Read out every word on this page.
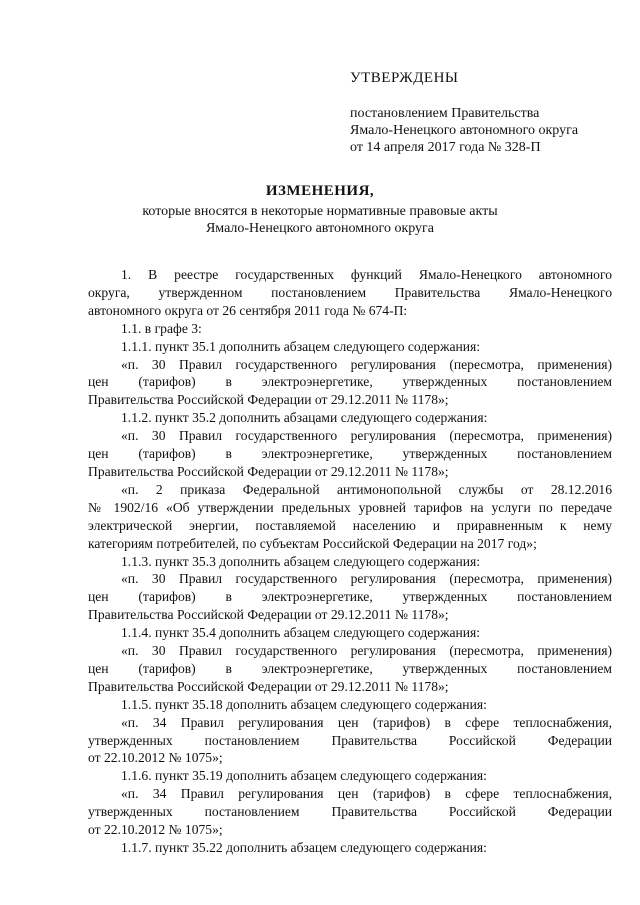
УТВЕРЖДЕНЫ
постановлением Правительства
Ямало-Ненецкого автономного округа
от 14 апреля 2017 года № 328-П
ИЗМЕНЕНИЯ,
которые вносятся в некоторые нормативные правовые акты
Ямало-Ненецкого автономного округа
1. В реестре государственных функций Ямало-Ненецкого автономного
округа, утвержденном постановлением Правительства Ямало-Ненецкого
автономного округа от 26 сентября 2011 года № 674-П:
1.1. в графе 3:
1.1.1. пункт 35.1 дополнить абзацем следующего содержания:
«п. 30 Правил государственного регулирования (пересмотра, применения)
цен (тарифов) в электроэнергетике, утвержденных постановлением
Правительства Российской Федерации от 29.12.2011 № 1178»;
1.1.2. пункт 35.2 дополнить абзацами следующего содержания:
«п. 30 Правил государственного регулирования (пересмотра, применения)
цен (тарифов) в электроэнергетике, утвержденных постановлением
Правительства Российской Федерации от 29.12.2011 № 1178»;
«п. 2 приказа Федеральной антимонопольной службы от 28.12.2016
№ 1902/16 «Об утверждении предельных уровней тарифов на услуги по передаче
электрической энергии, поставляемой населению и приравненным к нему
категориям потребителей, по субъектам Российской Федерации на 2017 год»;
1.1.3. пункт 35.3 дополнить абзацем следующего содержания:
«п. 30 Правил государственного регулирования (пересмотра, применения)
цен (тарифов) в электроэнергетике, утвержденных постановлением
Правительства Российской Федерации от 29.12.2011 № 1178»;
1.1.4. пункт 35.4 дополнить абзацем следующего содержания:
«п. 30 Правил государственного регулирования (пересмотра, применения)
цен (тарифов) в электроэнергетике, утвержденных постановлением
Правительства Российской Федерации от 29.12.2011 № 1178»;
1.1.5. пункт 35.18 дополнить абзацем следующего содержания:
«п. 34 Правил регулирования цен (тарифов) в сфере теплоснабжения,
утвержденных постановлением Правительства Российской Федерации
от 22.10.2012 № 1075»;
1.1.6. пункт 35.19 дополнить абзацем следующего содержания:
«п. 34 Правил регулирования цен (тарифов) в сфере теплоснабжения,
утвержденных постановлением Правительства Российской Федерации
от 22.10.2012 № 1075»;
1.1.7. пункт 35.22 дополнить абзацем следующего содержания:
